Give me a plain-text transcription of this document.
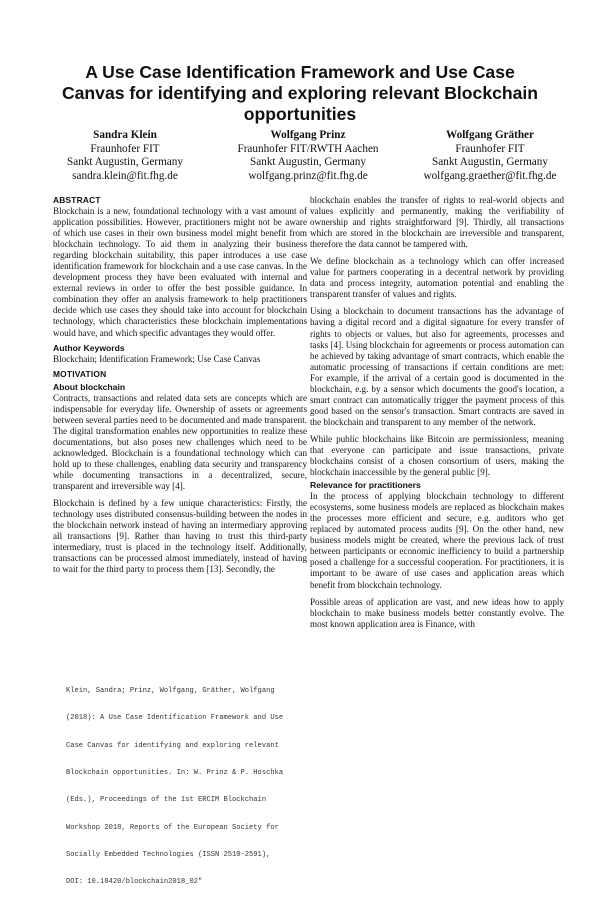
A Use Case Identification Framework and Use Case
Canvas for identifying and exploring relevant Blockchain
opportunities
Sandra Klein
Fraunhofer FIT
Sankt Augustin, Germany
sandra.klein@fit.fhg.de
Wolfgang Prinz
Fraunhofer FIT/RWTH Aachen
Sankt Augustin, Germany
wolfgang.prinz@fit.fhg.de
Wolfgang Gräther
Fraunhofer FIT
Sankt Augustin, Germany
wolfgang.graether@fit.fhg.de
ABSTRACT

Blockchain is a new, foundational technology with a vast amount of application possibilities. However, practitioners might not be aware of which use cases in their own business model might benefit from blockchain technology. To aid them in analyzing their business regarding blockchain suitability, this paper introduces a use case identification framework for blockchain and a use case canvas. In the development process they have been evaluated with internal and external reviews in order to offer the best possible guidance. In combination they offer an analysis framework to help practitioners decide which use cases they should take into account for blockchain technology, which characteristics these blockchain implementations would have, and which specific advantages they would offer.

Author Keywords

Blockchain; Identification Framework; Use Case Canvas

MOTIVATION
About blockchain

Contracts, transactions and related data sets are concepts which are indispensable for everyday life. Ownership of assets or agreements between several parties need to be documented and made transparent. The digital transformation enables new opportunities to realize these documentations, but also poses new challenges which need to be acknowledged. Blockchain is a foundational technology which can hold up to these challenges, enabling data security and transparency while documenting transactions in a decentralized, secure, transparent and irreversible way [4].

Blockchain is defined by a few unique characteristics: Firstly, the technology uses distributed consensus-building between the nodes in the blockchain network instead of having an intermediary approving all transactions [9]. Rather than having to trust this third-party intermediary, trust is placed in the technology itself. Additionally, transactions can be processed almost immediately, instead of having to wait for the third party to process them [13]. Secondly, the

Klein, Sandra; Prinz, Wolfgang, Gräther, Wolfgang

(2018): A Use Case Identification Framework and Use

Case Canvas for identifying and exploring relevant

Blockchain opportunities. In: W. Prinz & P. Hoschka

(Eds.), Proceedings of the 1st ERCIM Blockchain

Workshop 2018, Reports of the European Society for

Socially Embedded Technologies (ISSN 2510-2591),

DOI: 10.18420/blockchain2018_02"

blockchain enables the transfer of rights to real-world objects and values explicitly and permanently, making the verifiability of ownership and rights straightforward [9]. Thirdly, all transactions which are stored in the blockchain are irreversible and transparent, therefore the data cannot be tampered with.

We define blockchain as a technology which can offer increased value for partners cooperating in a decentral network by providing data and process integrity, automation potential and enabling the transparent transfer of values and rights.

Using a blockchain to document transactions has the advantage of having a digital record and a digital signature for every transfer of rights to objects or values, but also for agreements, processes and tasks [4]. Using blockchain for agreements or process automation can be achieved by taking advantage of smart contracts, which enable the automatic processing of transactions if certain conditions are met: For example, if the arrival of a certain good is documented in the blockchain, e.g. by a sensor which documents the good's location, a smart contract can automatically trigger the payment process of this good based on the sensor's transaction. Smart contracts are saved in the blockchain and transparent to any member of the network.

While public blockchains like Bitcoin are permissionless, meaning that everyone can participate and issue transactions, private blockchains consist of a chosen consortium of users, making the blockchain inaccessible by the general public [9].

Relevance for practitioners

In the process of applying blockchain technology to different ecosystems, some business models are replaced as blockchain makes the processes more efficient and secure, e.g. auditors who get replaced by automated process audits [9]. On the other hand, new business models might be created, where the previous lack of trust between participants or economic inefficiency to build a partnership posed a challenge for a successful cooperation. For practitioners, it is important to be aware of use cases and application areas which benefit from blockchain technology.

Possible areas of application are vast, and new ideas how to apply blockchain to make business models better constantly evolve. The most known application area is Finance, with
